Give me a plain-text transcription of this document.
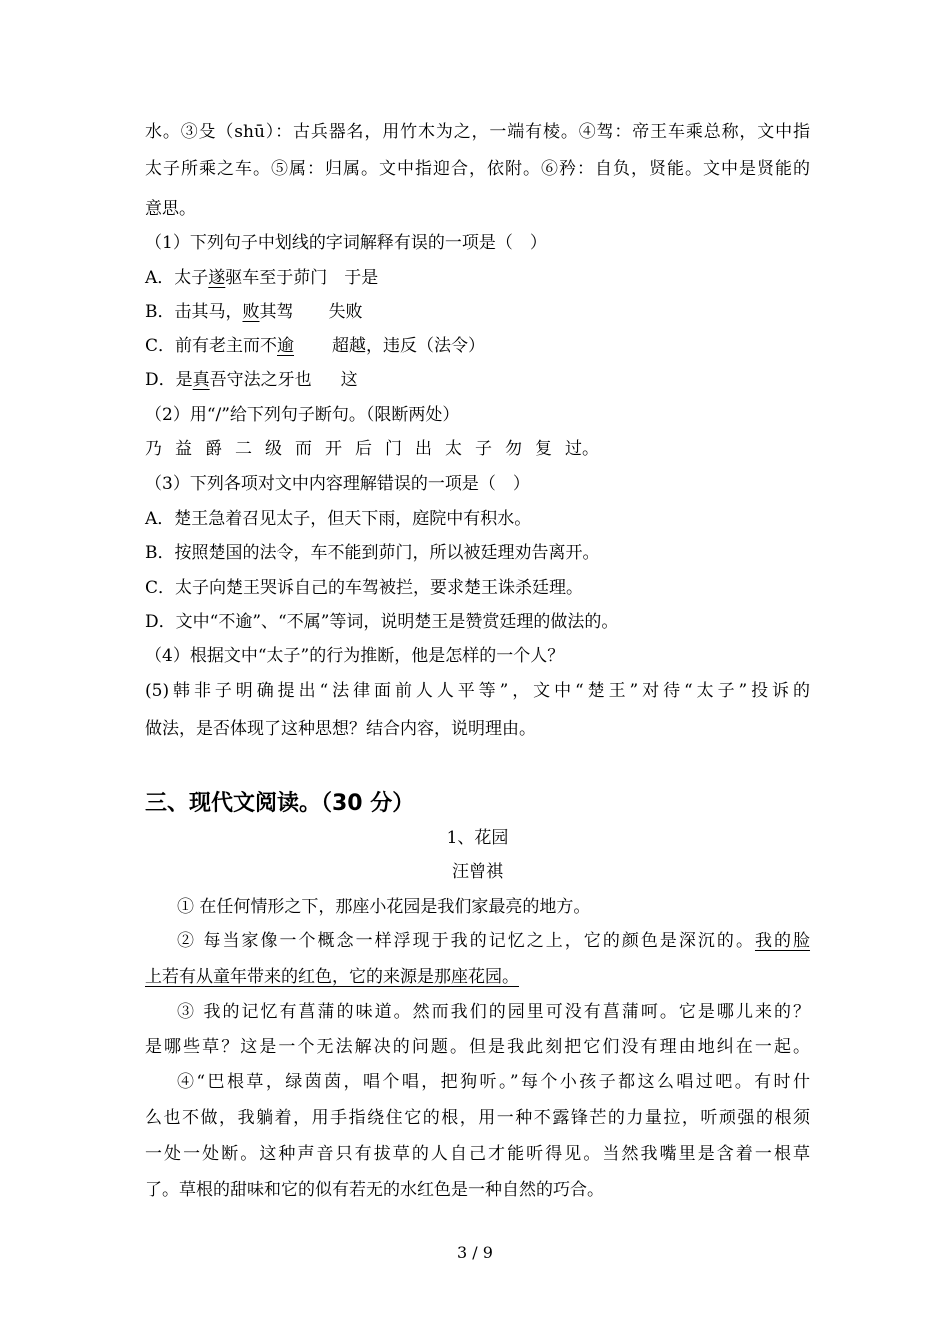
水。③殳（shū）：古兵器名，用竹木为之，一端有棱。④驾：帝王车乘总称，文中指
太子所乘之车。⑤属：归属。文中指迎合，依附。⑥矜：自负，贤能。文中是贤能的
意思。
（1）下列句子中划线的字词解释有误的一项是（　）
A．太子遂驱车至于茆门 于是
B．击其马，败其驾 失败
C．前有老主而不逾 超越，违反（法令）
D．是真吾守法之牙也 这
（2）用“/”给下列句子断句。（限断两处）
乃 益 爵 二 级 而 开 后 门 出 太 子 勿 复 过。
（3）下列各项对文中内容理解错误的一项是（　）
A．楚王急着召见太子，但天下雨，庭院中有积水。
B．按照楚国的法令，车不能到茆门，所以被廷理劝告离开。
C．太子向楚王哭诉自己的车驾被拦，要求楚王诛杀廷理。
D．文中“不逾”、“不属”等词，说明楚王是赞赏廷理的做法的。
（4）根据文中“太子”的行为推断，他是怎样的一个人？
(5)韩非子明确提出“法律面前人人平等”，文中“楚王”对待“太子”投诉的
做法，是否体现了这种思想？结合内容，说明理由。
三、现代文阅读。（30 分）
1、花园
汪曾祺
① 在任何情形之下，那座小花园是我们家最亮的地方。
② 每当家像一个概念一样浮现于我的记忆之上，它的颜色是深沉的。我的脸
上若有从童年带来的红色，它的来源是那座花园。
③ 我的记忆有菖蒲的味道。然而我们的园里可没有菖蒲呵。它是哪儿来的？
是哪些草？这是一个无法解决的问题。但是我此刻把它们没有理由地纠在一起。
④“巴根草，绿茵茵，唱个唱，把狗听。”每个小孩子都这么唱过吧。有时什
么也不做，我躺着，用手指绕住它的根，用一种不露锋芒的力量拉，听顽强的根须
一处一处断。这种声音只有拔草的人自己才能听得见。当然我嘴里是含着一根草
了。草根的甜味和它的似有若无的水红色是一种自然的巧合。
3 / 9
